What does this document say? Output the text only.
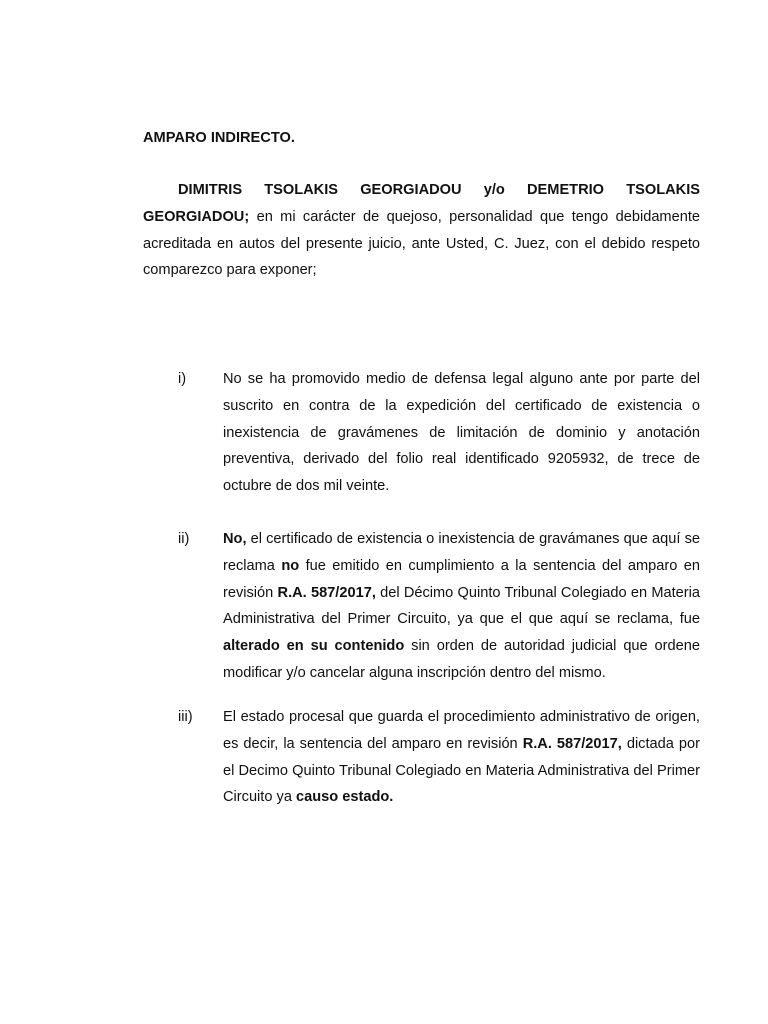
AMPARO INDIRECTO.

DIMITRIS TSOLAKIS GEORGIADOU y/o DEMETRIO TSOLAKIS GEORGIADOU; en mi carácter de quejoso, personalidad que tengo debidamente acreditada en autos del presente juicio, ante Usted, C. Juez, con el debido respeto comparezco para exponer;

i)	No se ha promovido medio de defensa legal alguno ante por parte del suscrito en contra de la expedición del certificado de existencia o inexistencia de gravámenes de limitación de dominio y anotación preventiva, derivado del folio real identificado 9205932, de trece de octubre de dos mil veinte.

ii)	No, el certificado de existencia o inexistencia de gravámanes que aquí se reclama no fue emitido en cumplimiento a la sentencia del amparo en revisión R.A. 587/2017, del Décimo Quinto Tribunal Colegiado en Materia Administrativa del Primer Circuito, ya que el que aquí se reclama, fue alterado en su contenido sin orden de autoridad judicial que ordene modificar y/o cancelar alguna inscripción dentro del mismo.

iii)	El estado procesal que guarda el procedimiento administrativo de origen, es decir, la sentencia del amparo en revisión R.A. 587/2017, dictada por el Decimo Quinto Tribunal Colegiado en Materia Administrativa del Primer Circuito ya causo estado.
